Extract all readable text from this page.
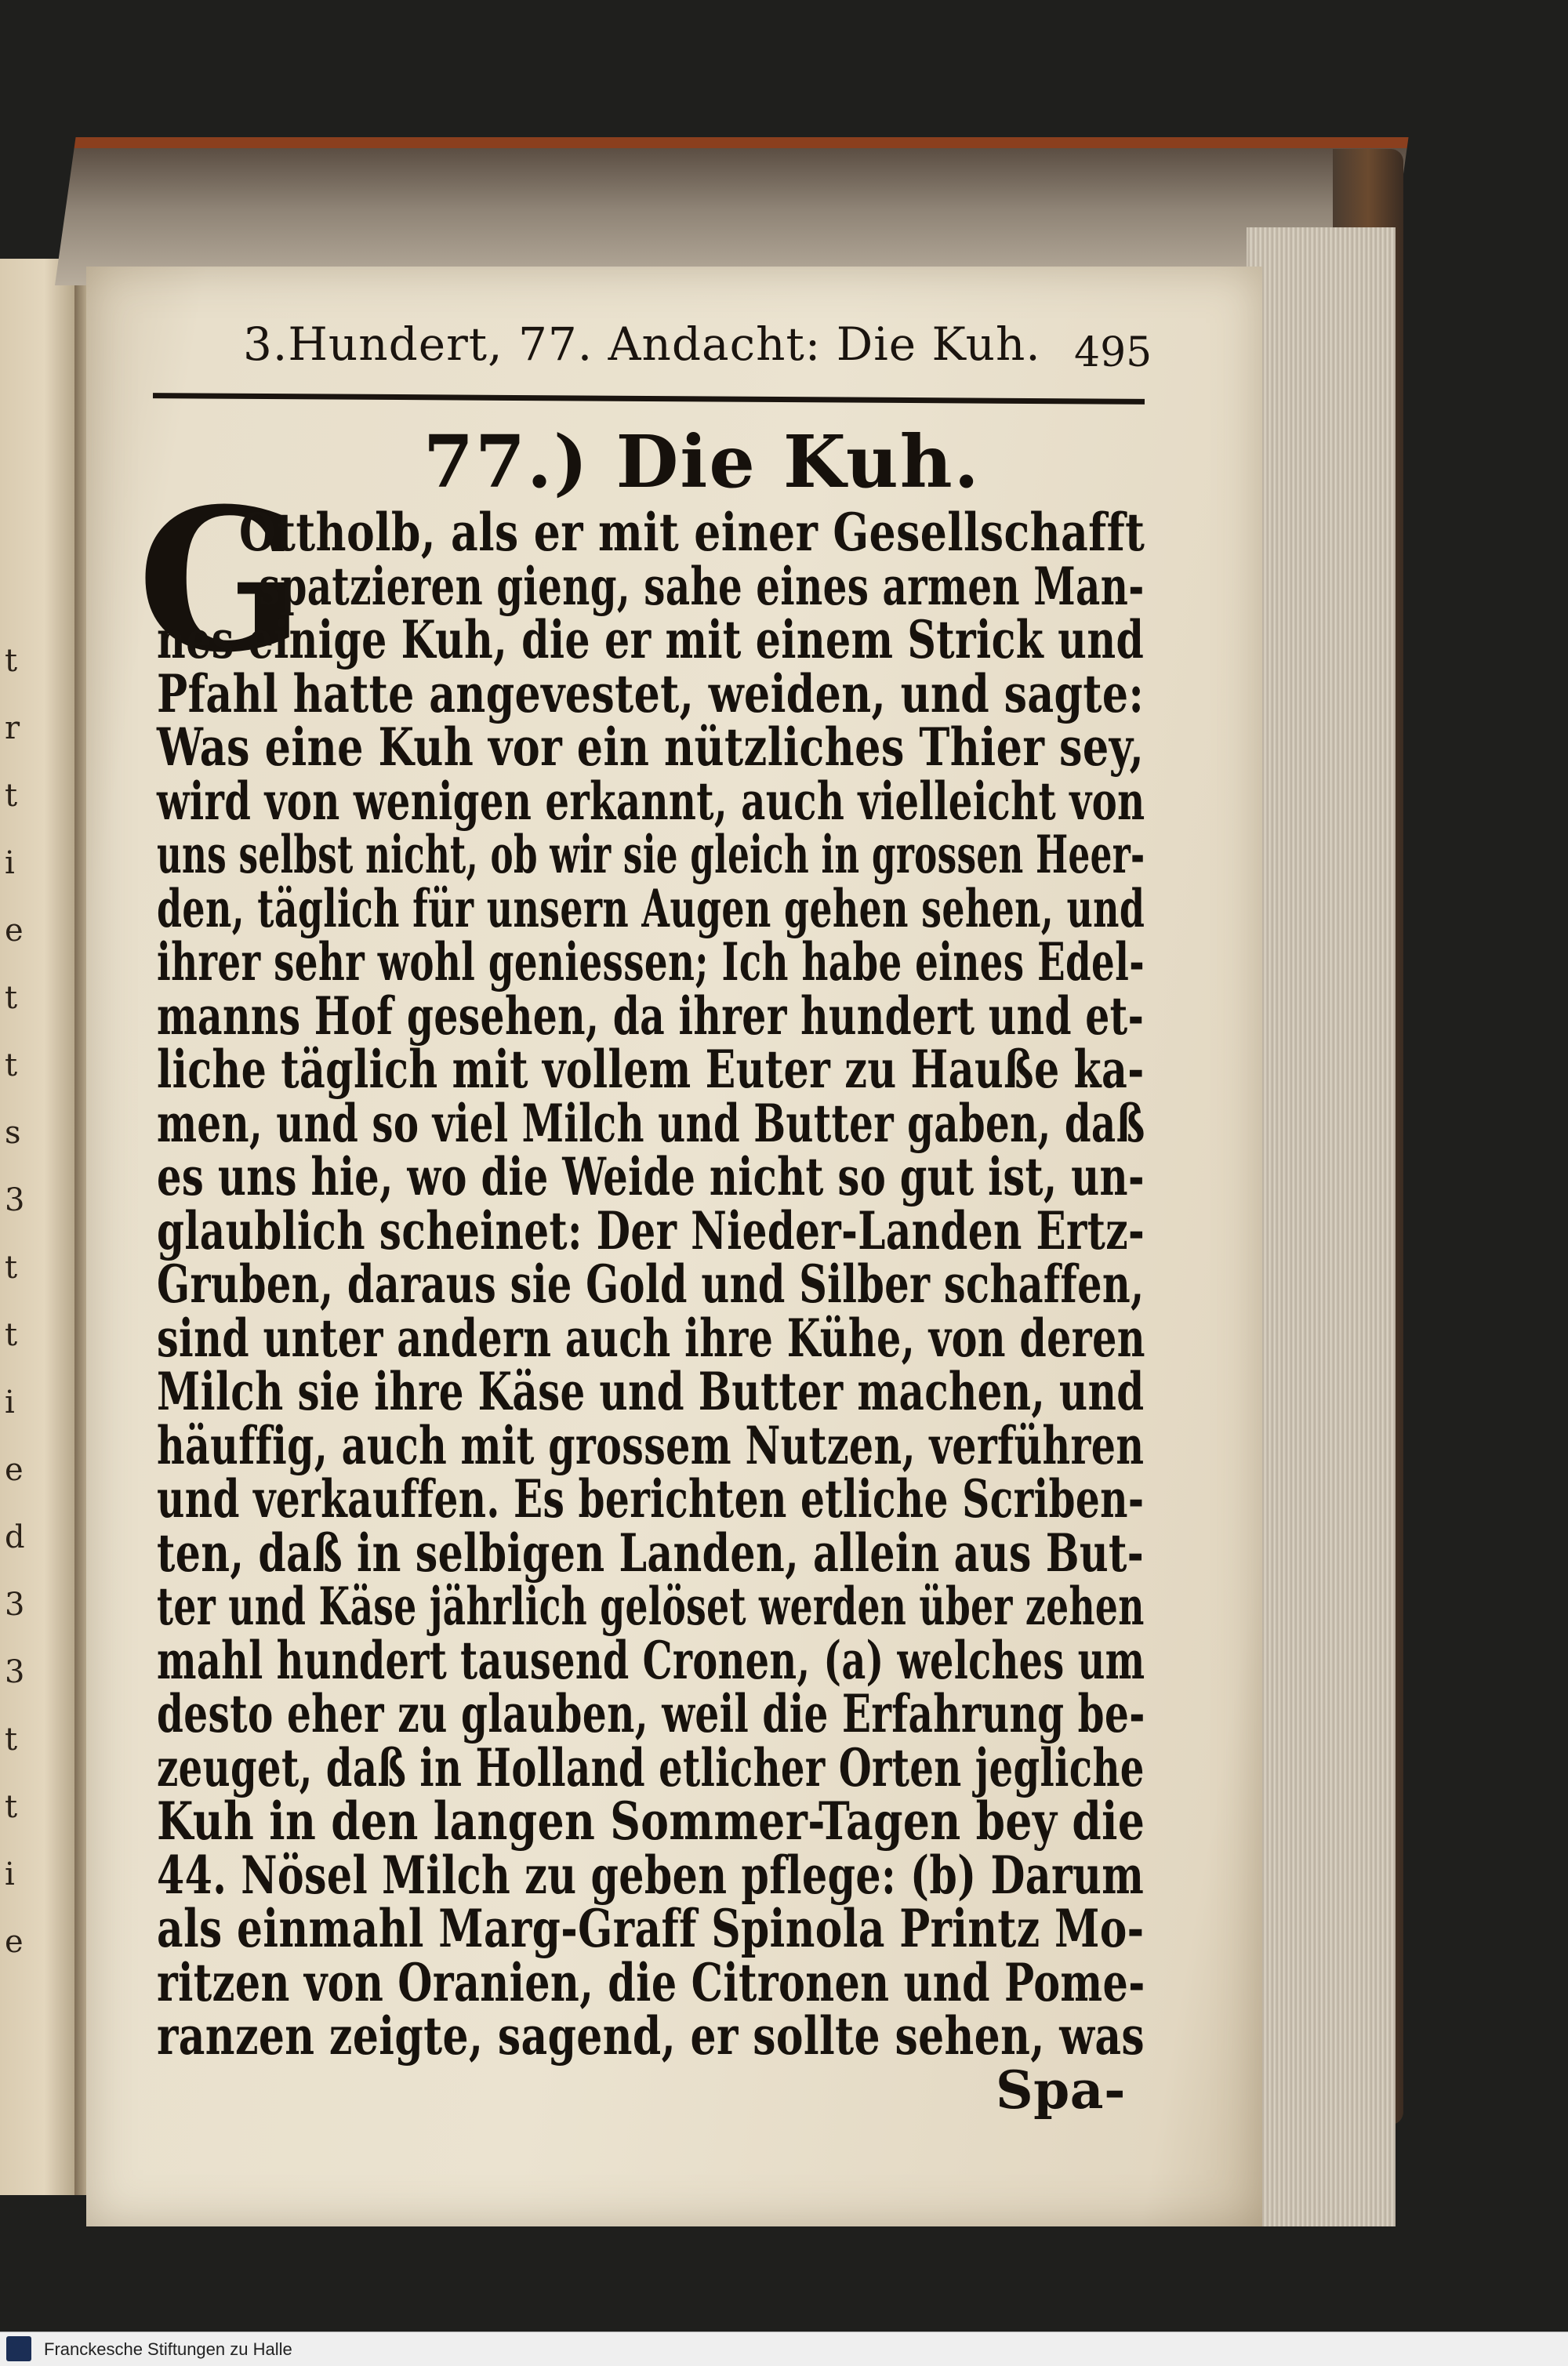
t
r
t
i
e
t
t
s
3
t
t
i
e
d
3
3
t
t
i
e
3.Hundert, 77. Andacht: Die Kuh. 495
77.) Die Kuh.
G
Ottholb, als er mit einer Gesellschafft
spatzieren gieng, sahe eines armen Man-
nes einige Kuh, die er mit einem Strick und
Pfahl hatte angevestet, weiden, und sagte:
Was eine Kuh vor ein nützliches Thier sey,
wird von wenigen erkannt, auch vielleicht von
uns selbst nicht, ob wir sie gleich in grossen Heer-
den, täglich für unsern Augen gehen sehen, und
ihrer sehr wohl geniessen; Ich habe eines Edel-
manns Hof gesehen, da ihrer hundert und et-
liche täglich mit vollem Euter zu Hauße ka-
men, und so viel Milch und Butter gaben, daß
es uns hie, wo die Weide nicht so gut ist, un-
glaublich scheinet: Der Nieder-Landen Ertz-
Gruben, daraus sie Gold und Silber schaffen,
sind unter andern auch ihre Kühe, von deren
Milch sie ihre Käse und Butter machen, und
häuffig, auch mit grossem Nutzen, verführen
und verkauffen. Es berichten etliche Scriben-
ten, daß in selbigen Landen, allein aus But-
ter und Käse jährlich gelöset werden über zehen
mahl hundert tausend Cronen, (a) welches um
desto eher zu glauben, weil die Erfahrung be-
zeuget, daß in Holland etlicher Orten jegliche
Kuh in den langen Sommer-Tagen bey die
44. Nösel Milch zu geben pflege: (b) Darum
als einmahl Marg-Graff Spinola Printz Mo-
ritzen von Oranien, die Citronen und Pome-
ranzen zeigte, sagend, er sollte sehen, was
Spa-
Franckesche Stiftungen zu Halle
